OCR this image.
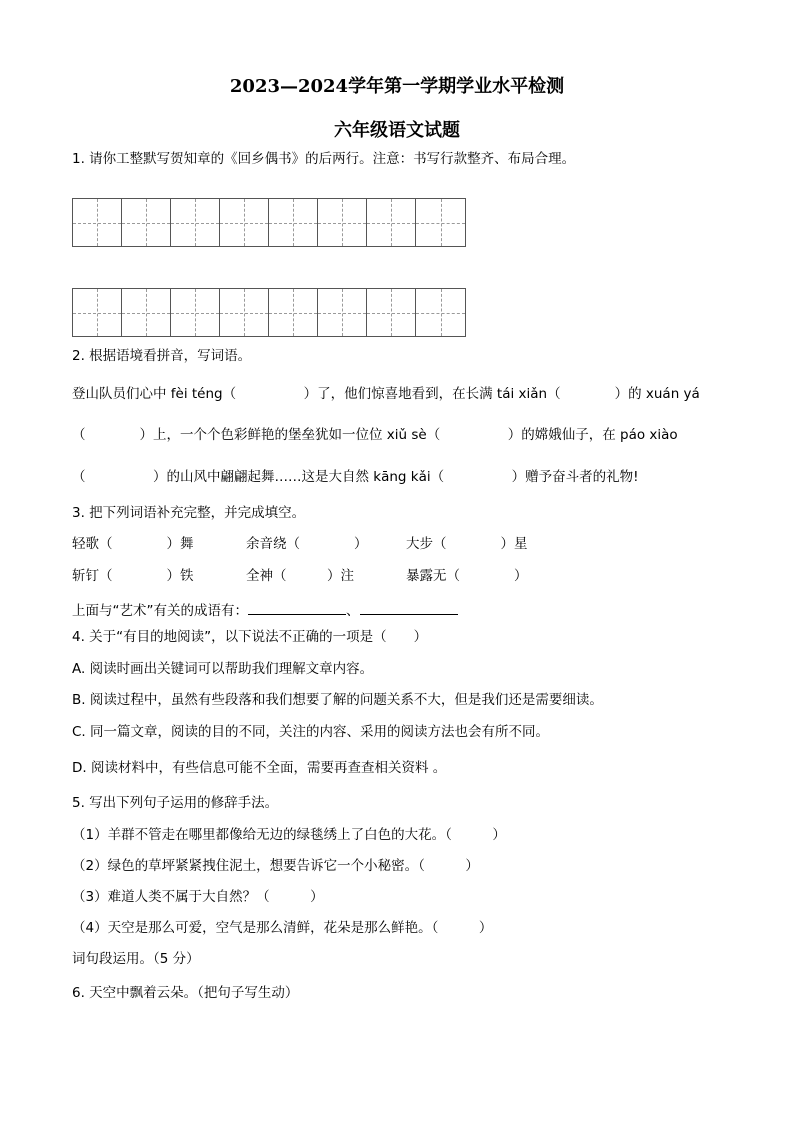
2023—2024学年第一学期学业水平检测
六年级语文试题
1. 请你工整默写贺知章的《回乡偶书》的后两行。注意：书写行款整齐、布局合理。
2. 根据语境看拼音，写词语。
登山队员们心中 fèi téng（　　　　　）了，他们惊喜地看到，在长满 tái xiǎn（　　　　）的 xuán yá
（　　　　）上，一个个色彩鲜艳的堡垒犹如一位位 xiǔ sè（　　　　　）的嫦娥仙子，在 páo xiào
（　　　　　）的山风中翩翩起舞……这是大自然 kāng kǎi（　　　　　）赠予奋斗者的礼物!
3. 把下列词语补充完整，并完成填空。
轻歌（　　　　）舞	余音绕（　　　　）	大步（　　　　）星
斩钉（　　　　）铁	全神（　　　）注	暴露无（　　　　）
上面与“艺术”有关的成语有：	、
4. 关于“有目的地阅读”，以下说法不正确的一项是（　　）
A. 阅读时画出关键词可以帮助我们理解文章内容。
B. 阅读过程中，虽然有些段落和我们想要了解的问题关系不大，但是我们还是需要细读。
C. 同一篇文章，阅读的目的不同，关注的内容、采用的阅读方法也会有所不同。
D. 阅读材料中，有些信息可能不全面，需要再查查相关资料 。
5. 写出下列句子运用的修辞手法。
（1）羊群不管走在哪里都像给无边的绿毯绣上了白色的大花。（　　　）
（2）绿色的草坪紧紧拽住泥土，想要告诉它一个小秘密。（　　　）
（3）难道人类不属于大自然？（　　　）
（4）天空是那么可爱，空气是那么清鲜，花朵是那么鲜艳。（　　　）
词句段运用。（5 分）
6. 天空中飘着云朵。（把句子写生动）
